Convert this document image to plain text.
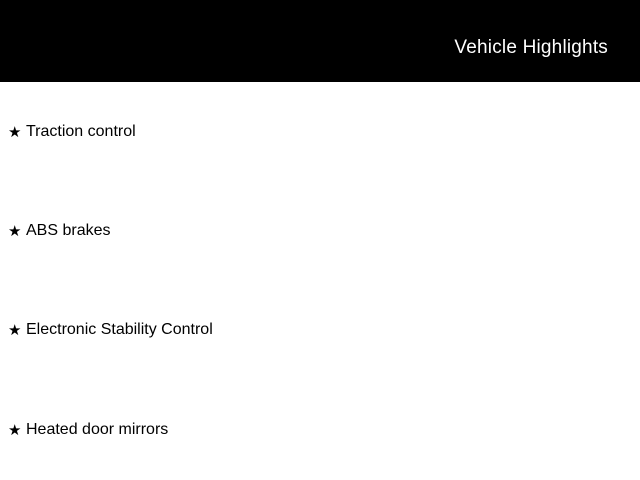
Vehicle Highlights
★ Traction control
★ ABS brakes
★ Electronic Stability Control
★ Heated door mirrors
